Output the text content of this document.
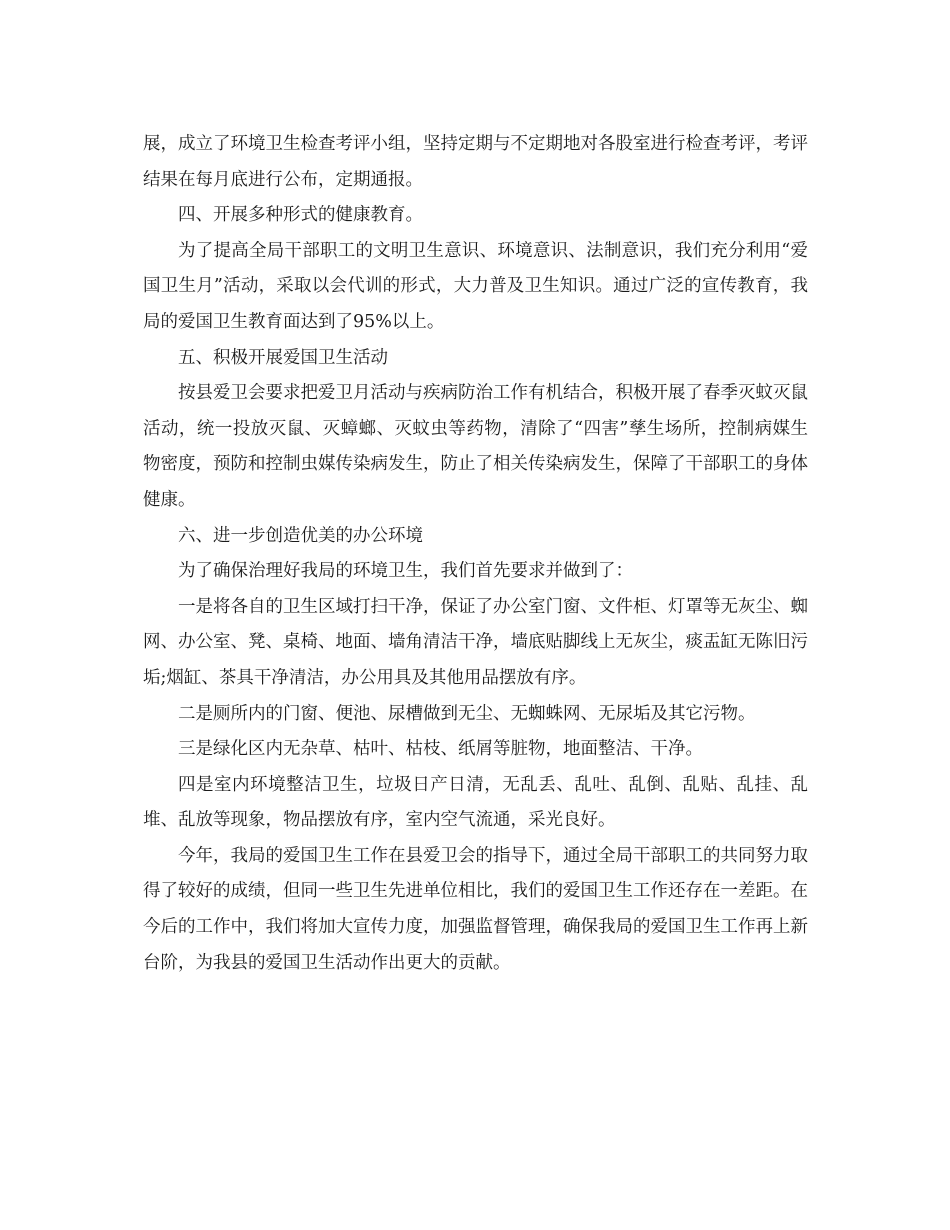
展，成立了环境卫生检查考评小组，坚持定期与不定期地对各股室进行检查考评，考评结果在每月底进行公布，定期通报。

四、开展多种形式的健康教育。

为了提高全局干部职工的文明卫生意识、环境意识、法制意识，我们充分利用“爱国卫生月”活动，采取以会代训的形式，大力普及卫生知识。通过广泛的宣传教育，我局的爱国卫生教育面达到了95%以上。

五、积极开展爱国卫生活动

按县爱卫会要求把爱卫月活动与疾病防治工作有机结合，积极开展了春季灭蚊灭鼠活动，统一投放灭鼠、灭蟑螂、灭蚊虫等药物，清除了“四害”孳生场所，控制病媒生物密度，预防和控制虫媒传染病发生，防止了相关传染病发生，保障了干部职工的身体健康。

六、进一步创造优美的办公环境

为了确保治理好我局的环境卫生，我们首先要求并做到了：

一是将各自的卫生区域打扫干净，保证了办公室门窗、文件柜、灯罩等无灰尘、蜘网、办公室、凳、桌椅、地面、墙角清洁干净，墙底贴脚线上无灰尘，痰盂缸无陈旧污垢;烟缸、茶具干净清洁，办公用具及其他用品摆放有序。

二是厕所内的门窗、便池、尿槽做到无尘、无蜘蛛网、无尿垢及其它污物。

三是绿化区内无杂草、枯叶、枯枝、纸屑等脏物，地面整洁、干净。

四是室内环境整洁卫生，垃圾日产日清，无乱丢、乱吐、乱倒、乱贴、乱挂、乱堆、乱放等现象，物品摆放有序，室内空气流通，采光良好。

今年，我局的爱国卫生工作在县爱卫会的指导下，通过全局干部职工的共同努力取得了较好的成绩，但同一些卫生先进单位相比，我们的爱国卫生工作还存在一差距。在今后的工作中，我们将加大宣传力度，加强监督管理，确保我局的爱国卫生工作再上新台阶，为我县的爱国卫生活动作出更大的贡献。
